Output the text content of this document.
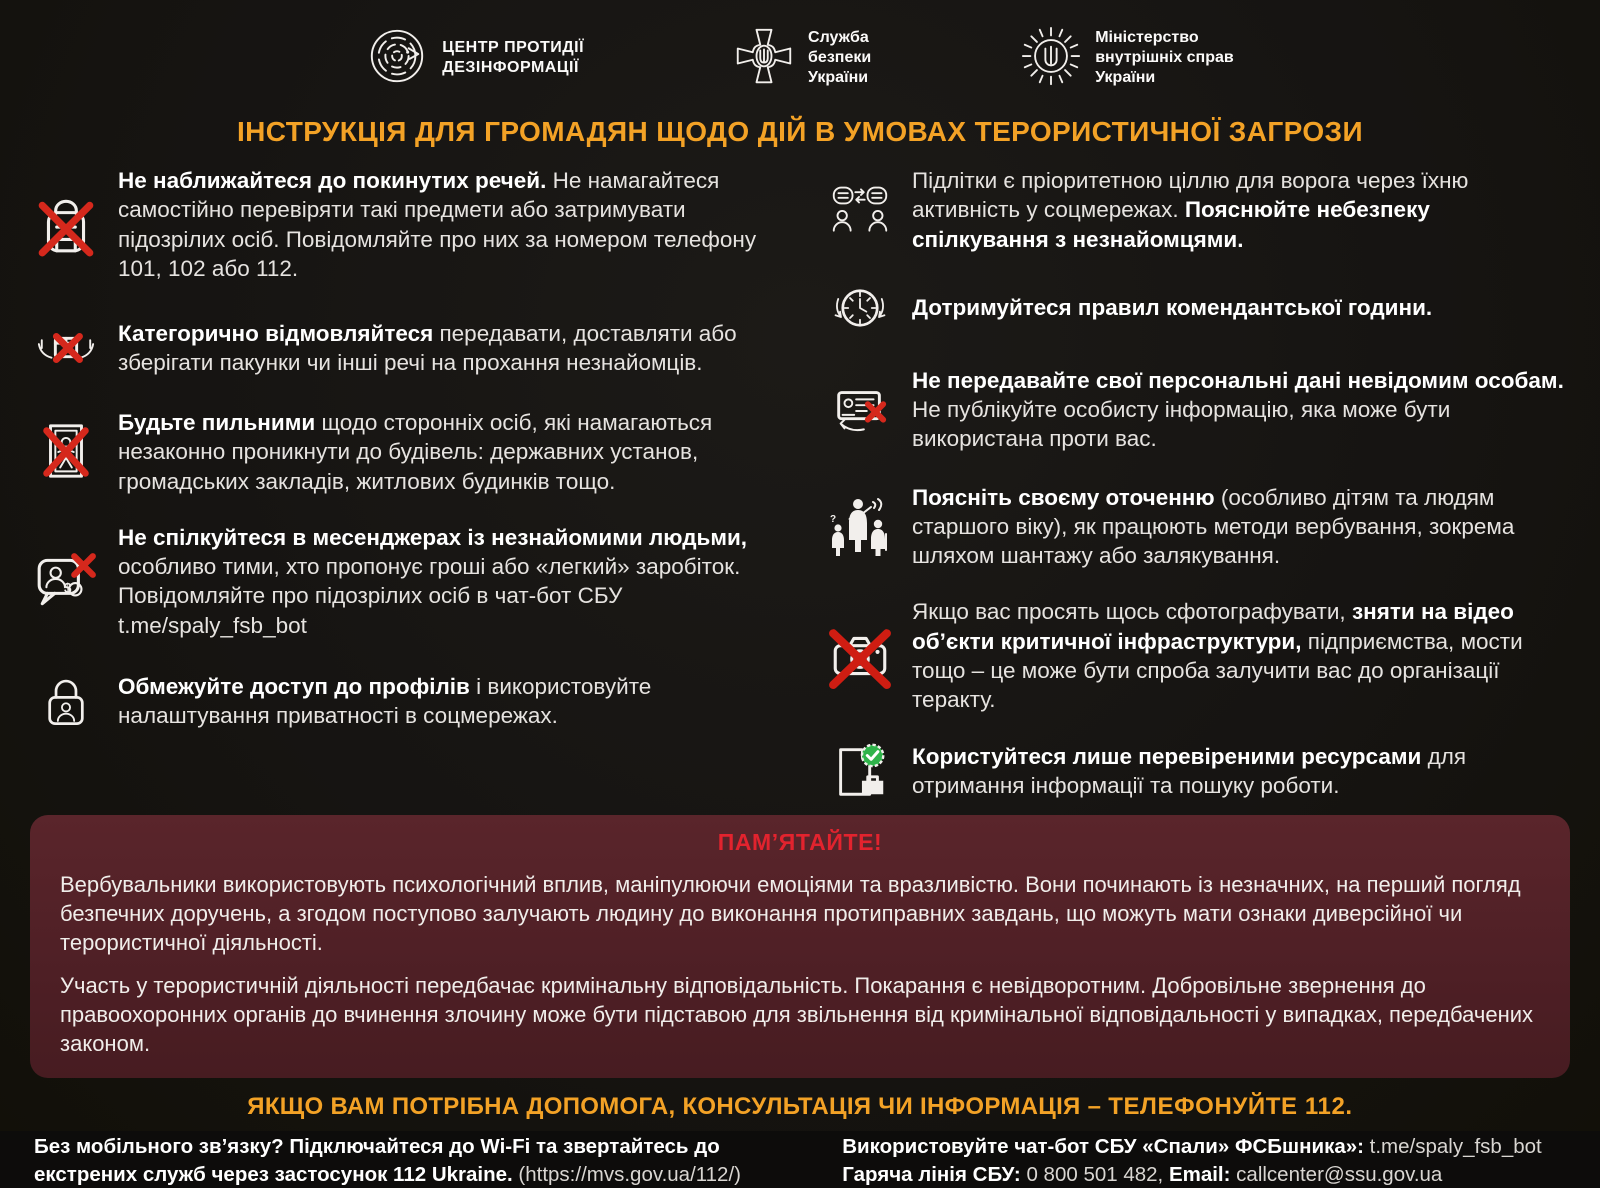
ЦЕНТР ПРОТИДІЇ
ДЕЗІНФОРМАЦІЇ
Служба
безпеки
України
Міністерство
внутрішніх справ
України
ІНСТРУКЦІЯ ДЛЯ ГРОМАДЯН ЩОДО ДІЙ В УМОВАХ ТЕРОРИСТИЧНОЇ ЗАГРОЗИ
Не наближайтеся до покинутих речей. Не намагайтеся самостійно перевіряти такі предмети або затримувати підозрілих осіб. Повідомляйте про них за номером телефону 101, 102 або 112.
Категорично відмовляйтеся передавати, доставляти або зберігати пакунки чи інші речі на прохання незнайомців.
Будьте пильними щодо сторонніх осіб, які намагаються незаконно проникнути до будівель: державних установ, громадських закладів, житлових будинків тощо.
$
Не спілкуйтеся в месенджерах із незнайомими людьми, особливо тими, хто пропонує гроші або «легкий» заробіток. Повідомляйте про підозрілих осіб в чат-бот СБУ t.me/spaly_fsb_bot
Обмежуйте доступ до профілів і використовуйте налаштування приватності в соцмережах.
Підлітки є пріоритетною ціллю для ворога через їхню активність у соцмережах. Пояснюйте небезпеку спілкування з незнайомцями.
Дотримуйтеся правил комендантської години.
Не передавайте свої персональні дані невідомим особам. Не публікуйте особисту інформацію, яка може бути використана проти вас.
? ?
Поясніть своєму оточенню (особливо дітям та людям старшого віку), як працюють методи вербування, зокрема шляхом шантажу або залякування.
Якщо вас просять щось сфотографувати, зняти на відео об’єкти критичної інфраструктури, підприємства, мости тощо – це може бути спроба залучити вас до організації теракту.
Користуйтеся лише перевіреними ресурсами для отримання інформації та пошуку роботи.
ПАМ’ЯТАЙТЕ!

Вербувальники використовують психологічний вплив, маніпулюючи емоціями та вразливістю. Вони починають із незначних, на перший погляд безпечних доручень, а згодом поступово залучають людину до виконання протиправних завдань, що можуть мати ознаки диверсійної чи терористичної діяльності.

Участь у терористичній діяльності передбачає кримінальну відповідальність. Покарання є невідворотним. Добровільне звернення до правоохоронних органів до вчинення злочину може бути підставою для звільнення від кримінальної відповідальності у випадках, передбачених законом.

ЯКЩО ВАМ ПОТРІБНА ДОПОМОГА, КОНСУЛЬТАЦІЯ ЧИ ІНФОРМАЦІЯ – ТЕЛЕФОНУЙТЕ 112.
Без мобільного зв’язку? Підключайтеся до Wi-Fi та звертайтесь до екстрених служб через застосунок 112 Ukraine. (https://mvs.gov.ua/112/)
Використовуйте чат-бот СБУ «Спали» ФСБшника»: t.me/spaly_fsb_bot
Гаряча лінія СБУ: 0 800 501 482, Email: callcenter@ssu.gov.ua
